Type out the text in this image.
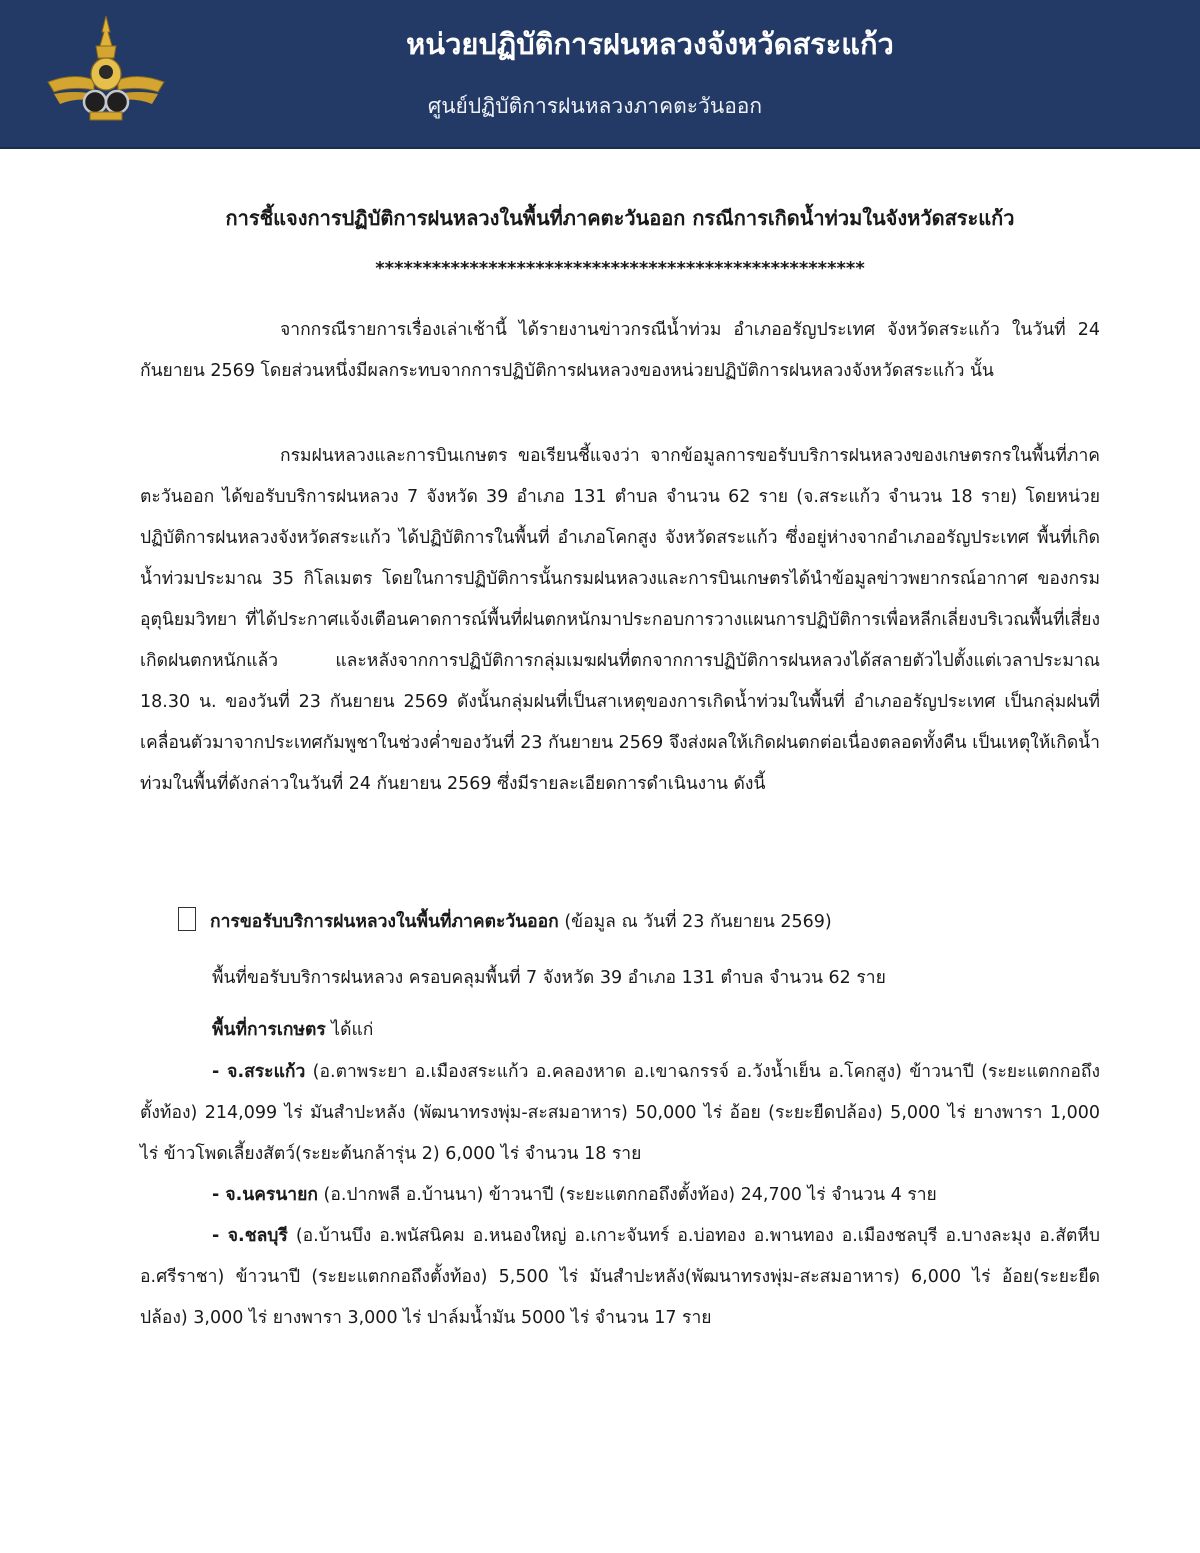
หน่วยปฏิบัติการฝนหลวงจังหวัดสระแก้ว
ศูนย์ปฏิบัติการฝนหลวงภาคตะวันออก
การชี้แจงการปฏิบัติการฝนหลวงในพื้นที่ภาคตะวันออก กรณีการเกิดน้ำท่วมในจังหวัดสระแก้ว
****************************************************

จากกรณีรายการเรื่องเล่าเช้านี้ ได้รายงานข่าวกรณีน้ำท่วม อำเภออรัญประเทศ จังหวัดสระแก้ว ในวันที่ 24 กันยายน 2569 โดยส่วนหนึ่งมีผลกระทบจากการปฏิบัติการฝนหลวงของหน่วยปฏิบัติการฝนหลวงจังหวัดสระแก้ว นั้น

กรมฝนหลวงและการบินเกษตร ขอเรียนชี้แจงว่า จากข้อมูลการขอรับบริการฝนหลวงของเกษตรกรในพื้นที่ภาคตะวันออก ได้ขอรับบริการฝนหลวง 7 จังหวัด 39 อำเภอ 131 ตำบล จำนวน 62 ราย (จ.สระแก้ว จำนวน 18 ราย) โดยหน่วยปฏิบัติการฝนหลวงจังหวัดสระแก้ว ได้ปฏิบัติการในพื้นที่ อำเภอโคกสูง จังหวัดสระแก้ว ซึ่งอยู่ห่างจากอำเภออรัญประเทศ พื้นที่เกิดน้ำท่วมประมาณ 35 กิโลเมตร โดยในการปฏิบัติการนั้นกรมฝนหลวงและการบินเกษตรได้นำข้อมูลข่าวพยากรณ์อากาศ ของกรมอุตุนิยมวิทยา ที่ได้ประกาศแจ้งเตือนคาดการณ์พื้นที่ฝนตกหนักมาประกอบการวางแผนการปฏิบัติการเพื่อหลีกเลี่ยงบริเวณพื้นที่เสี่ยงเกิดฝนตกหนักแล้ว และหลังจากการปฏิบัติการกลุ่มเมฆฝนที่ตกจากการปฏิบัติการฝนหลวงได้สลายตัวไปตั้งแต่เวลาประมาณ 18.30 น. ของวันที่ 23 กันยายน 2569 ดังนั้นกลุ่มฝนที่เป็นสาเหตุของการเกิดน้ำท่วมในพื้นที่ อำเภออรัญประเทศ เป็นกลุ่มฝนที่เคลื่อนตัวมาจากประเทศกัมพูชาในช่วงค่ำของวันที่ 23 กันยายน 2569 จึงส่งผลให้เกิดฝนตกต่อเนื่องตลอดทั้งคืน เป็นเหตุให้เกิดน้ำท่วมในพื้นที่ดังกล่าวในวันที่ 24 กันยายน 2569 ซึ่งมีรายละเอียดการดำเนินงาน ดังนี้

การขอรับบริการฝนหลวงในพื้นที่ภาคตะวันออก (ข้อมูล ณ วันที่ 23 กันยายน 2569)

พื้นที่ขอรับบริการฝนหลวง ครอบคลุมพื้นที่ 7 จังหวัด 39 อำเภอ 131 ตำบล จำนวน 62 ราย

พื้นที่การเกษตร ได้แก่

- จ.สระแก้ว (อ.ตาพระยา อ.เมืองสระแก้ว อ.คลองหาด อ.เขาฉกรรจ์ อ.วังน้ำเย็น อ.โคกสูง) ข้าวนาปี (ระยะแตกกอถึงตั้งท้อง) 214,099 ไร่ มันสำปะหลัง (พัฒนาทรงพุ่ม-สะสมอาหาร) 50,000 ไร่ อ้อย (ระยะยืดปล้อง) 5,000 ไร่ ยางพารา 1,000 ไร่ ข้าวโพดเลี้ยงสัตว์(ระยะต้นกล้ารุ่น 2) 6,000 ไร่ จำนวน 18 ราย

- จ.นครนายก (อ.ปากพลี อ.บ้านนา) ข้าวนาปี (ระยะแตกกอถึงตั้งท้อง) 24,700 ไร่ จำนวน 4 ราย

- จ.ชลบุรี (อ.บ้านบึง อ.พนัสนิคม อ.หนองใหญ่ อ.เกาะจันทร์ อ.บ่อทอง อ.พานทอง อ.เมืองชลบุรี อ.บางละมุง อ.สัตหีบ อ.ศรีราชา) ข้าวนาปี (ระยะแตกกอถึงตั้งท้อง) 5,500 ไร่ มันสำปะหลัง(พัฒนาทรงพุ่ม-สะสมอาหาร) 6,000 ไร่ อ้อย(ระยะยืดปล้อง) 3,000 ไร่ ยางพารา 3,000 ไร่ ปาล์มน้ำมัน 5000 ไร่ จำนวน 17 ราย
